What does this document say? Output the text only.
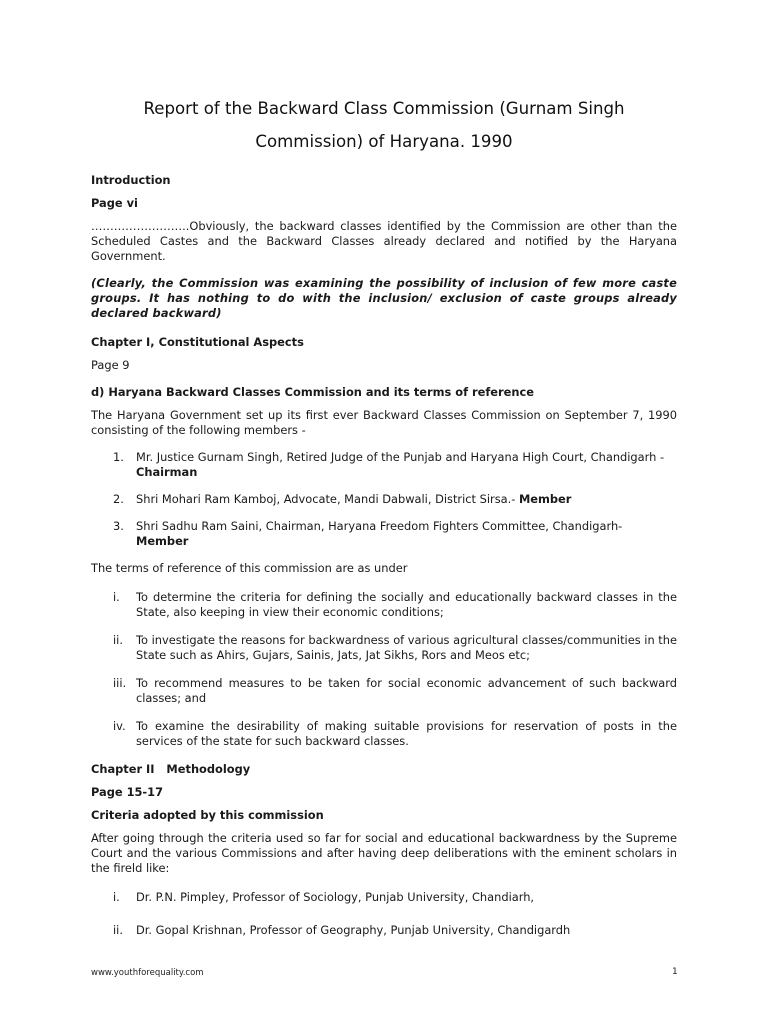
Report of the Backward Class Commission (Gurnam Singh Commission) of Haryana. 1990
Introduction
Page vi
……………………..Obviously, the backward classes identified by the Commission are other than the Scheduled Castes and the Backward Classes already declared and notified by the Haryana Government.
(Clearly, the Commission was examining the possibility of inclusion of few more caste groups. It has nothing to do with the inclusion/ exclusion of caste groups already declared backward)
Chapter I, Constitutional Aspects
Page 9
d) Haryana Backward Classes Commission and its terms of reference
The Haryana Government set up its first ever Backward Classes Commission on September 7, 1990 consisting of the following members -
1. Mr. Justice Gurnam Singh, Retired Judge of the Punjab and Haryana High Court, Chandigarh - Chairman
2. Shri Mohari Ram Kamboj, Advocate, Mandi Dabwali, District Sirsa.- Member
3. Shri Sadhu Ram Saini, Chairman, Haryana Freedom Fighters Committee, Chandigarh- Member
The terms of reference of this commission are as under
i. To determine the criteria for defining the socially and educationally backward classes in the State, also keeping in view their economic conditions;
ii. To investigate the reasons for backwardness of various agricultural classes/communities in the State such as Ahirs, Gujars, Sainis, Jats, Jat Sikhs, Rors and Meos etc;
iii. To recommend measures to be taken for social economic advancement of such backward classes; and
iv. To examine the desirability of making suitable provisions for reservation of posts in the services of the state for such backward classes.
Chapter II   Methodology
Page 15-17
Criteria adopted by this commission
After going through the criteria used so far for social and educational backwardness by the Supreme Court and the various Commissions and after having deep deliberations with the eminent scholars in the fireld like:
i. Dr. P.N. Pimpley, Professor of Sociology, Punjab University, Chandiarh,
ii. Dr. Gopal Krishnan, Professor of Geography, Punjab University, Chandigardh
www.youthforequality.com	1
